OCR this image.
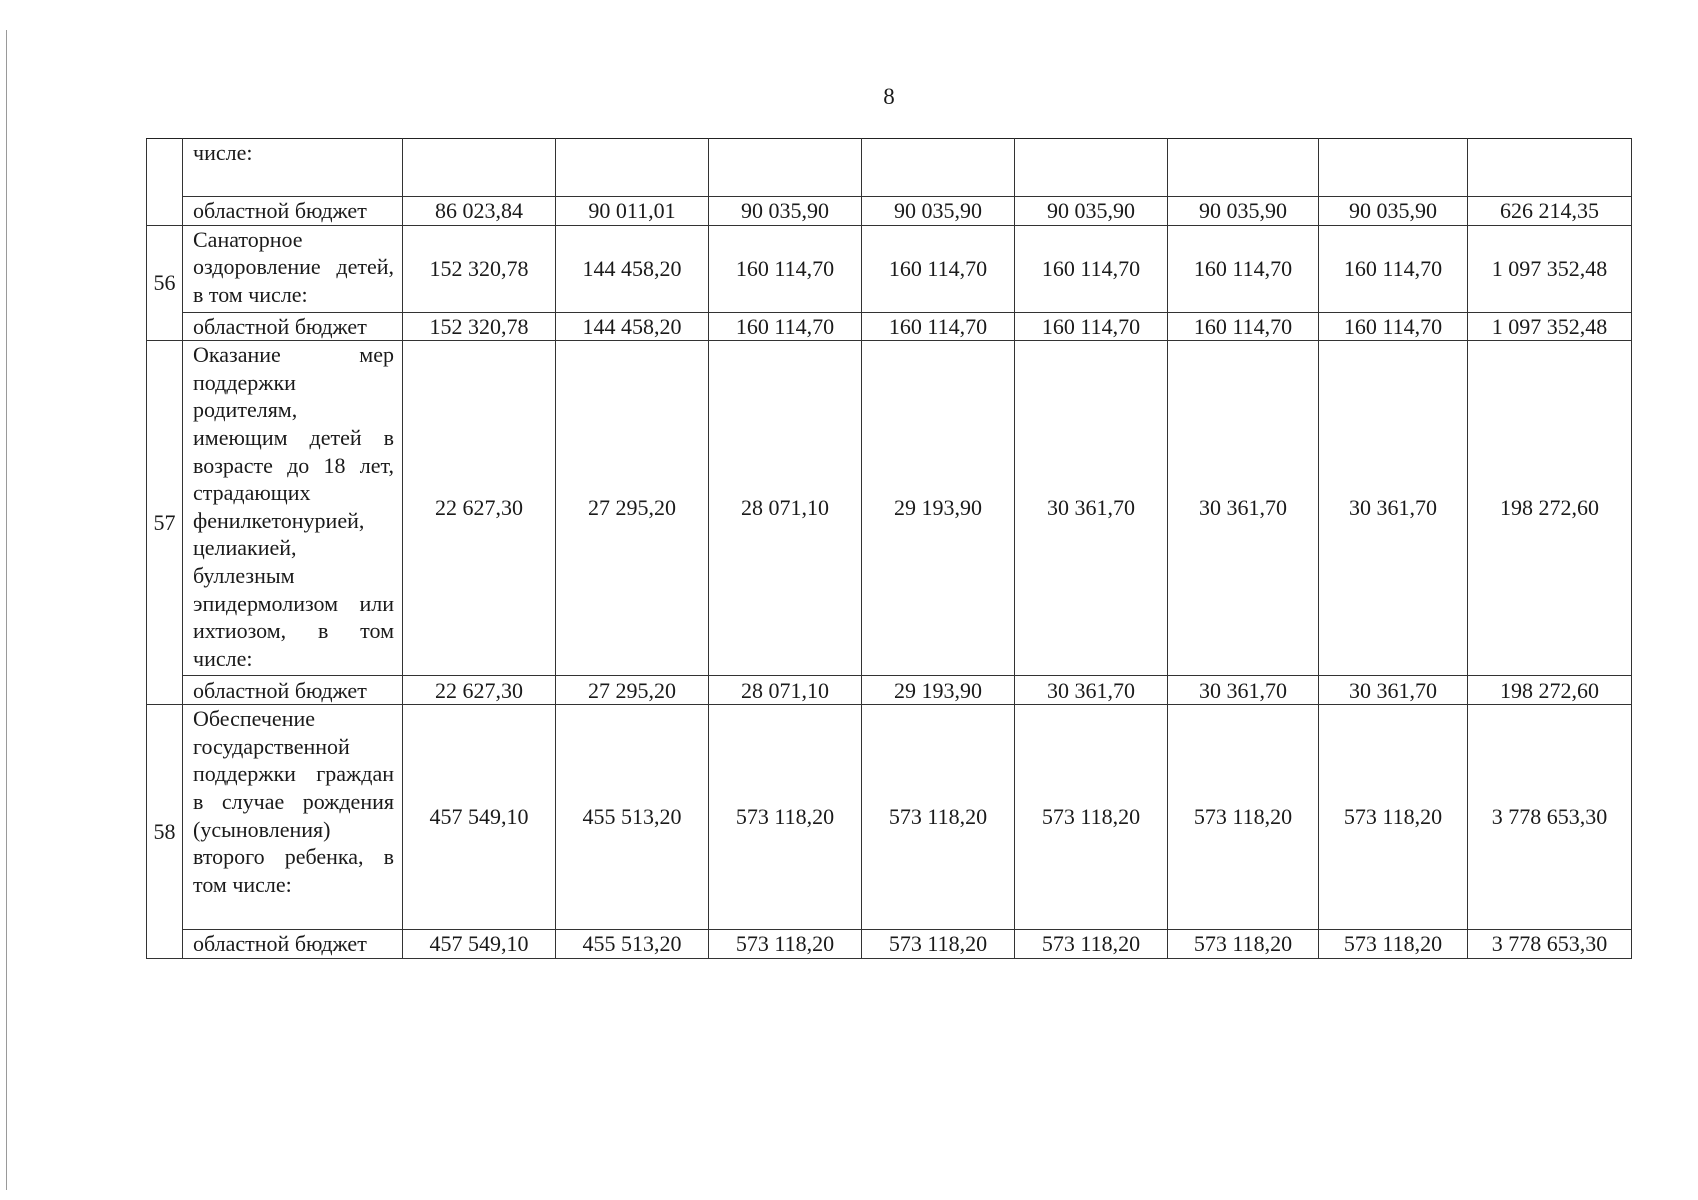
8
	числе:								
	областной бюджет	86 023,84	90 011,01	90 035,90	90 035,90	90 035,90	90 035,90	90 035,90	626 214,35
56	Санаторное оздоровление детей, в том числе:	152 320,78	144 458,20	160 114,70	160 114,70	160 114,70	160 114,70	160 114,70	1 097 352,48
	областной бюджет	152 320,78	144 458,20	160 114,70	160 114,70	160 114,70	160 114,70	160 114,70	1 097 352,48
57	Оказание мер поддержки родителям, имеющим детей в возрасте до 18 лет, страдающих фенилкетонурией, целиакией, буллезным эпидермолизом или ихтиозом, в том числе:	22 627,30	27 295,20	28 071,10	29 193,90	30 361,70	30 361,70	30 361,70	198 272,60
	областной бюджет	22 627,30	27 295,20	28 071,10	29 193,90	30 361,70	30 361,70	30 361,70	198 272,60
58	Обеспечение государственной поддержки граждан в случае рождения (усыновления) второго ребенка, в том числе:	457 549,10	455 513,20	573 118,20	573 118,20	573 118,20	573 118,20	573 118,20	3 778 653,30
	областной бюджет	457 549,10	455 513,20	573 118,20	573 118,20	573 118,20	573 118,20	573 118,20	3 778 653,30
